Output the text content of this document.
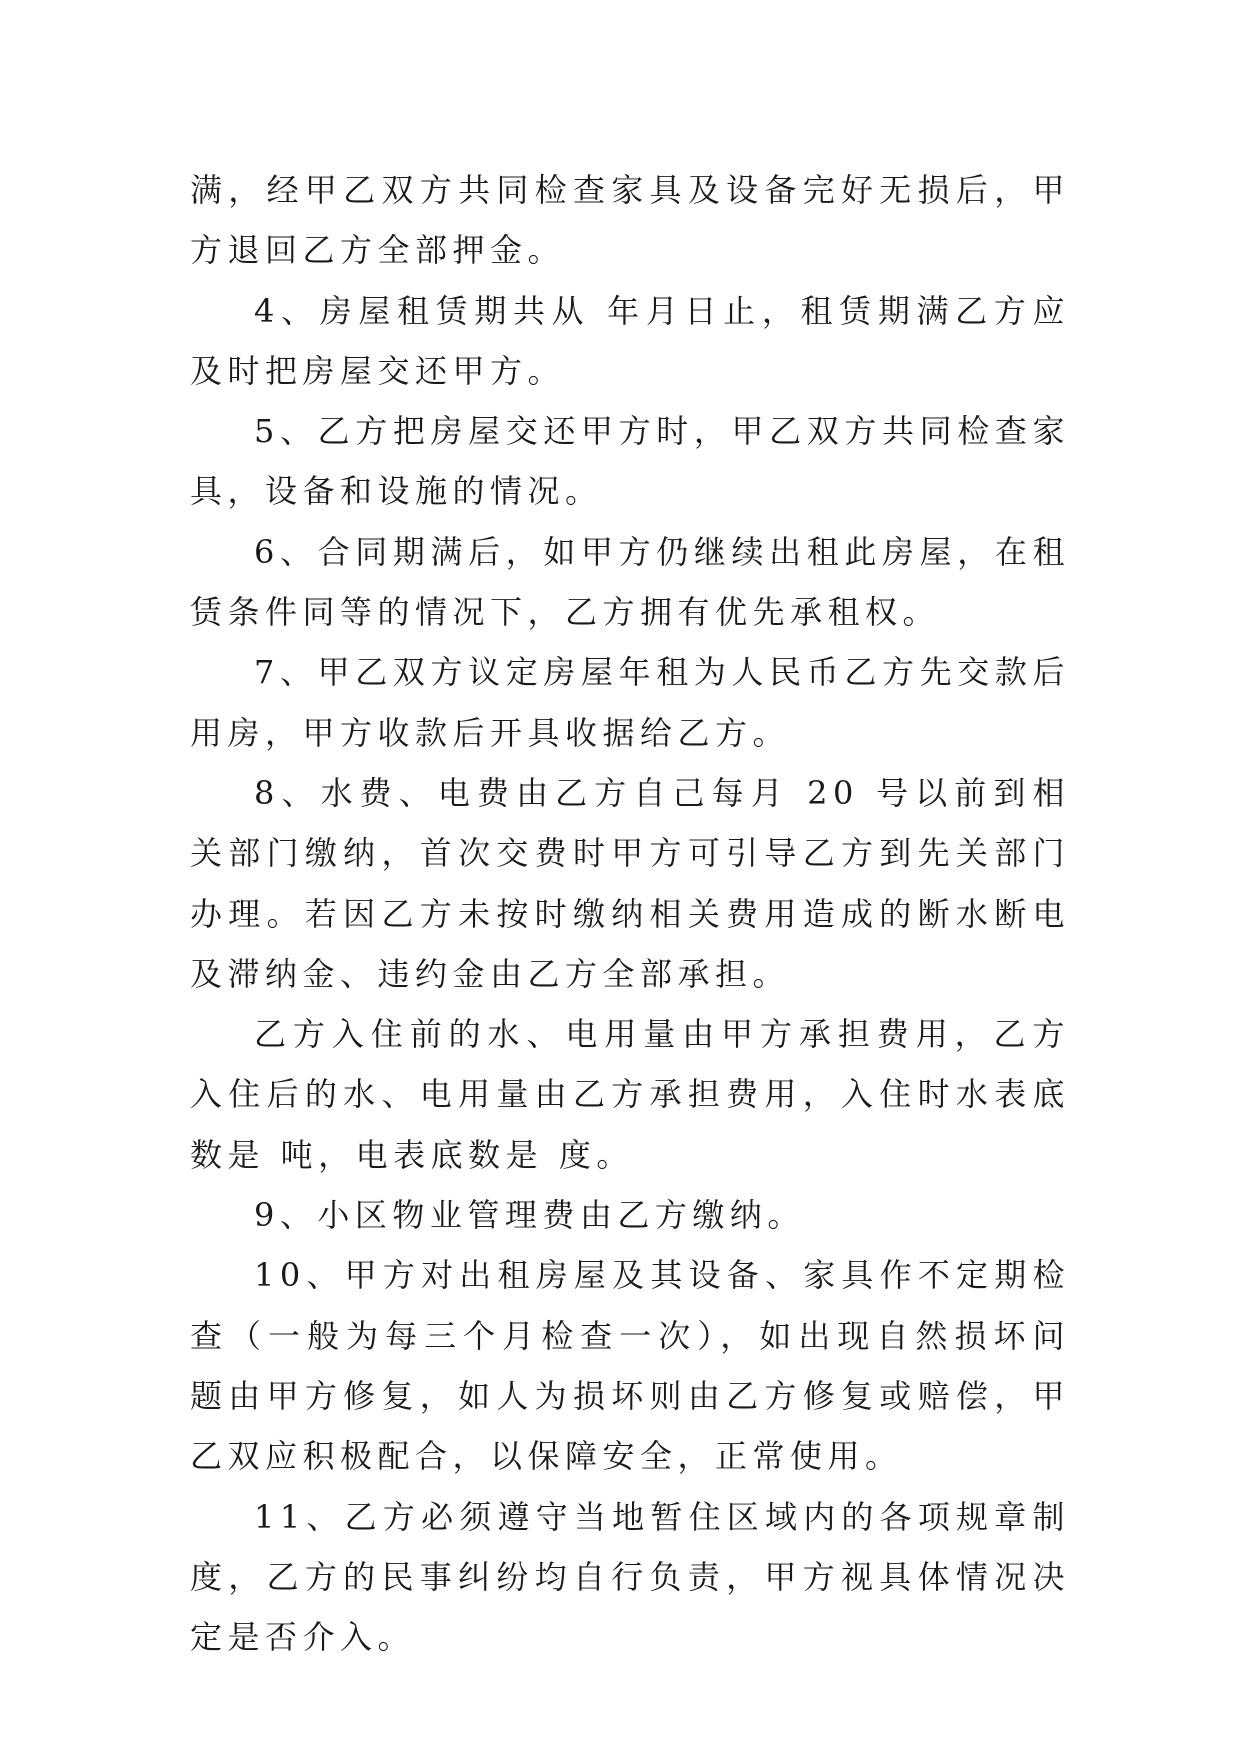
满，经甲乙双方共同检查家具及设备完好无损后，甲方退回乙方全部押金。

4、房屋租赁期共从 年月日止，租赁期满乙方应及时把房屋交还甲方。

5、乙方把房屋交还甲方时，甲乙双方共同检查家具，设备和设施的情况。

6、合同期满后，如甲方仍继续出租此房屋，在租赁条件同等的情况下，乙方拥有优先承租权。

7、甲乙双方议定房屋年租为人民币乙方先交款后用房，甲方收款后开具收据给乙方。

8、水费、电费由乙方自己每月 20 号以前到相关部门缴纳，首次交费时甲方可引导乙方到先关部门办理。若因乙方未按时缴纳相关费用造成的断水断电及滞纳金、违约金由乙方全部承担。

乙方入住前的水、电用量由甲方承担费用，乙方入住后的水、电用量由乙方承担费用，入住时水表底数是 吨，电表底数是 度。

9、小区物业管理费由乙方缴纳。

10、甲方对出租房屋及其设备、家具作不定期检查（一般为每三个月检查一次），如出现自然损坏问题由甲方修复，如人为损坏则由乙方修复或赔偿，甲乙双应积极配合，以保障安全，正常使用。

11、乙方必须遵守当地暂住区域内的各项规章制度，乙方的民事纠纷均自行负责，甲方视具体情况决定是否介入。
